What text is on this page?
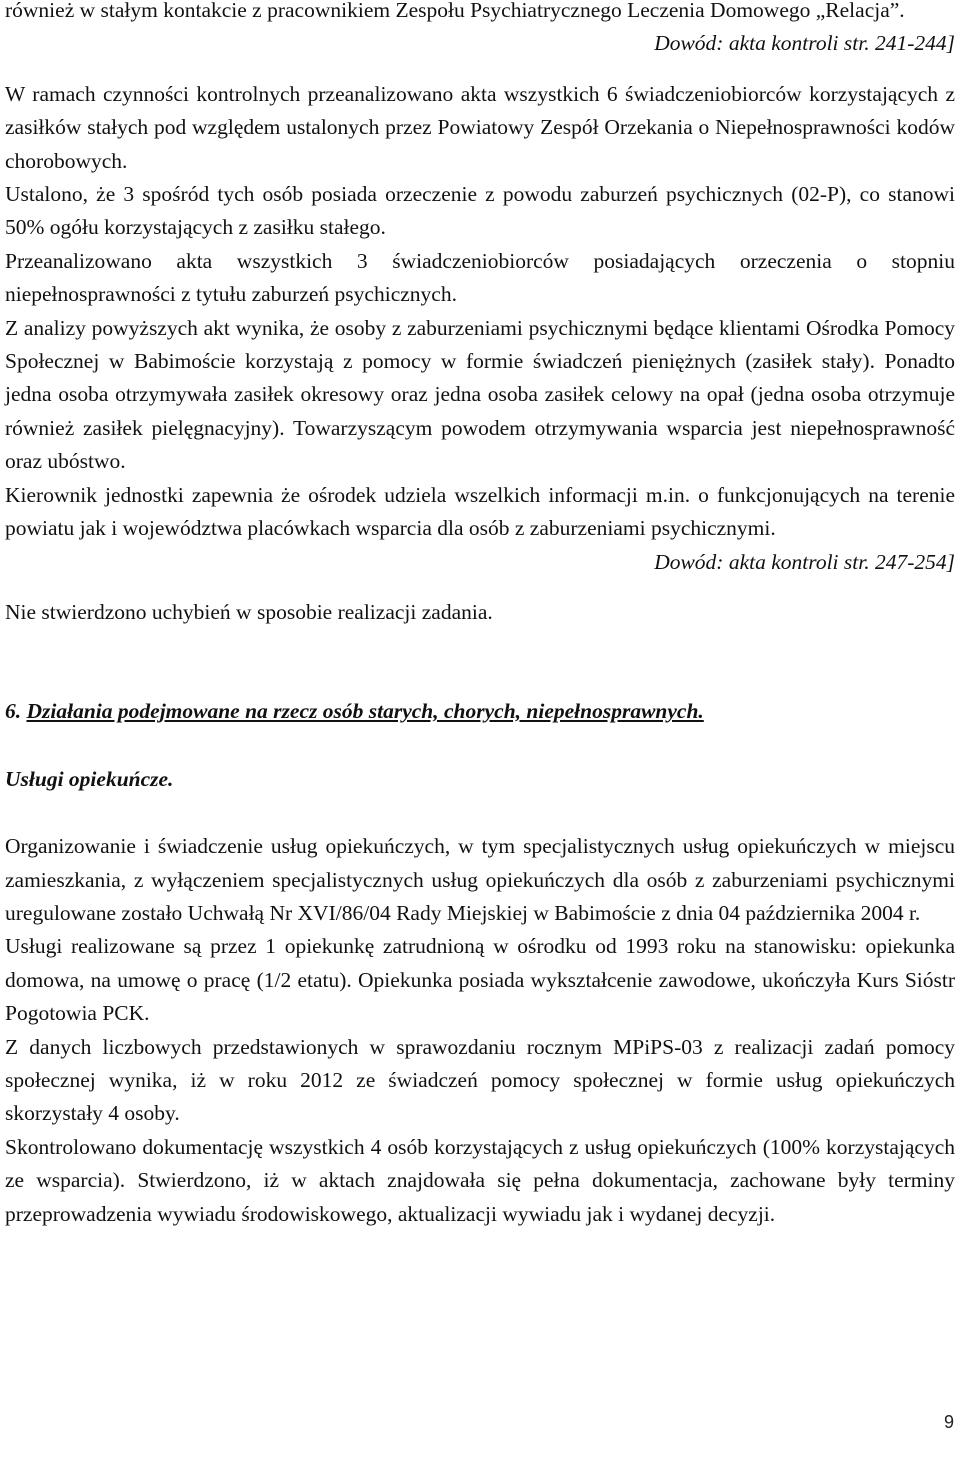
również w stałym kontakcie z pracownikiem Zespołu Psychiatrycznego Leczenia Domowego „Relacja”.

Dowód: akta kontroli str. 241-244]

W ramach czynności kontrolnych przeanalizowano akta wszystkich 6 świadczeniobiorców korzystających z zasiłków stałych pod względem ustalonych przez Powiatowy Zespół Orzekania o Niepełnosprawności kodów chorobowych.

Ustalono, że 3 spośród tych osób posiada orzeczenie z powodu zaburzeń psychicznych (02-P), co stanowi 50% ogółu korzystających z zasiłku stałego.

Przeanalizowano akta wszystkich 3 świadczeniobiorców posiadających orzeczenia o stopniu niepełnosprawności z tytułu zaburzeń psychicznych.

Z analizy powyższych akt wynika, że osoby z zaburzeniami psychicznymi będące klientami Ośrodka Pomocy Społecznej w Babimoście korzystają z pomocy w formie świadczeń pieniężnych (zasiłek stały). Ponadto jedna osoba otrzymywała zasiłek okresowy oraz jedna osoba zasiłek celowy na opał (jedna osoba otrzymuje również zasiłek pielęgnacyjny). Towarzyszącym powodem otrzymywania wsparcia jest niepełnosprawność oraz ubóstwo.

Kierownik jednostki zapewnia że ośrodek udziela wszelkich informacji m.in. o funkcjonujących na terenie powiatu jak i województwa placówkach wsparcia dla osób z zaburzeniami psychicznymi.

Dowód: akta kontroli str. 247-254]

Nie stwierdzono uchybień w sposobie realizacji zadania.

6. Działania podejmowane na rzecz osób starych, chorych, niepełnosprawnych.
Usługi opiekuńcze.

Organizowanie i świadczenie usług opiekuńczych, w tym specjalistycznych usług opiekuńczych w miejscu zamieszkania, z wyłączeniem specjalistycznych usług opiekuńczych dla osób z zaburzeniami psychicznymi uregulowane zostało Uchwałą Nr XVI/86/04 Rady Miejskiej w Babimoście z dnia 04 października 2004 r.

Usługi realizowane są przez 1 opiekunkę zatrudnioną w ośrodku od 1993 roku na stanowisku: opiekunka domowa, na umowę o pracę (1/2 etatu). Opiekunka posiada wykształcenie zawodowe, ukończyła Kurs Sióstr Pogotowia PCK.

Z danych liczbowych przedstawionych w sprawozdaniu rocznym MPiPS-03 z realizacji zadań pomocy społecznej wynika, iż w roku 2012 ze świadczeń pomocy społecznej w formie usług opiekuńczych skorzystały 4 osoby.

Skontrolowano dokumentację wszystkich 4 osób korzystających z usług opiekuńczych (100% korzystających ze wsparcia). Stwierdzono, iż w aktach znajdowała się pełna dokumentacja, zachowane były terminy przeprowadzenia wywiadu środowiskowego, aktualizacji wywiadu jak i wydanej decyzji.

9
